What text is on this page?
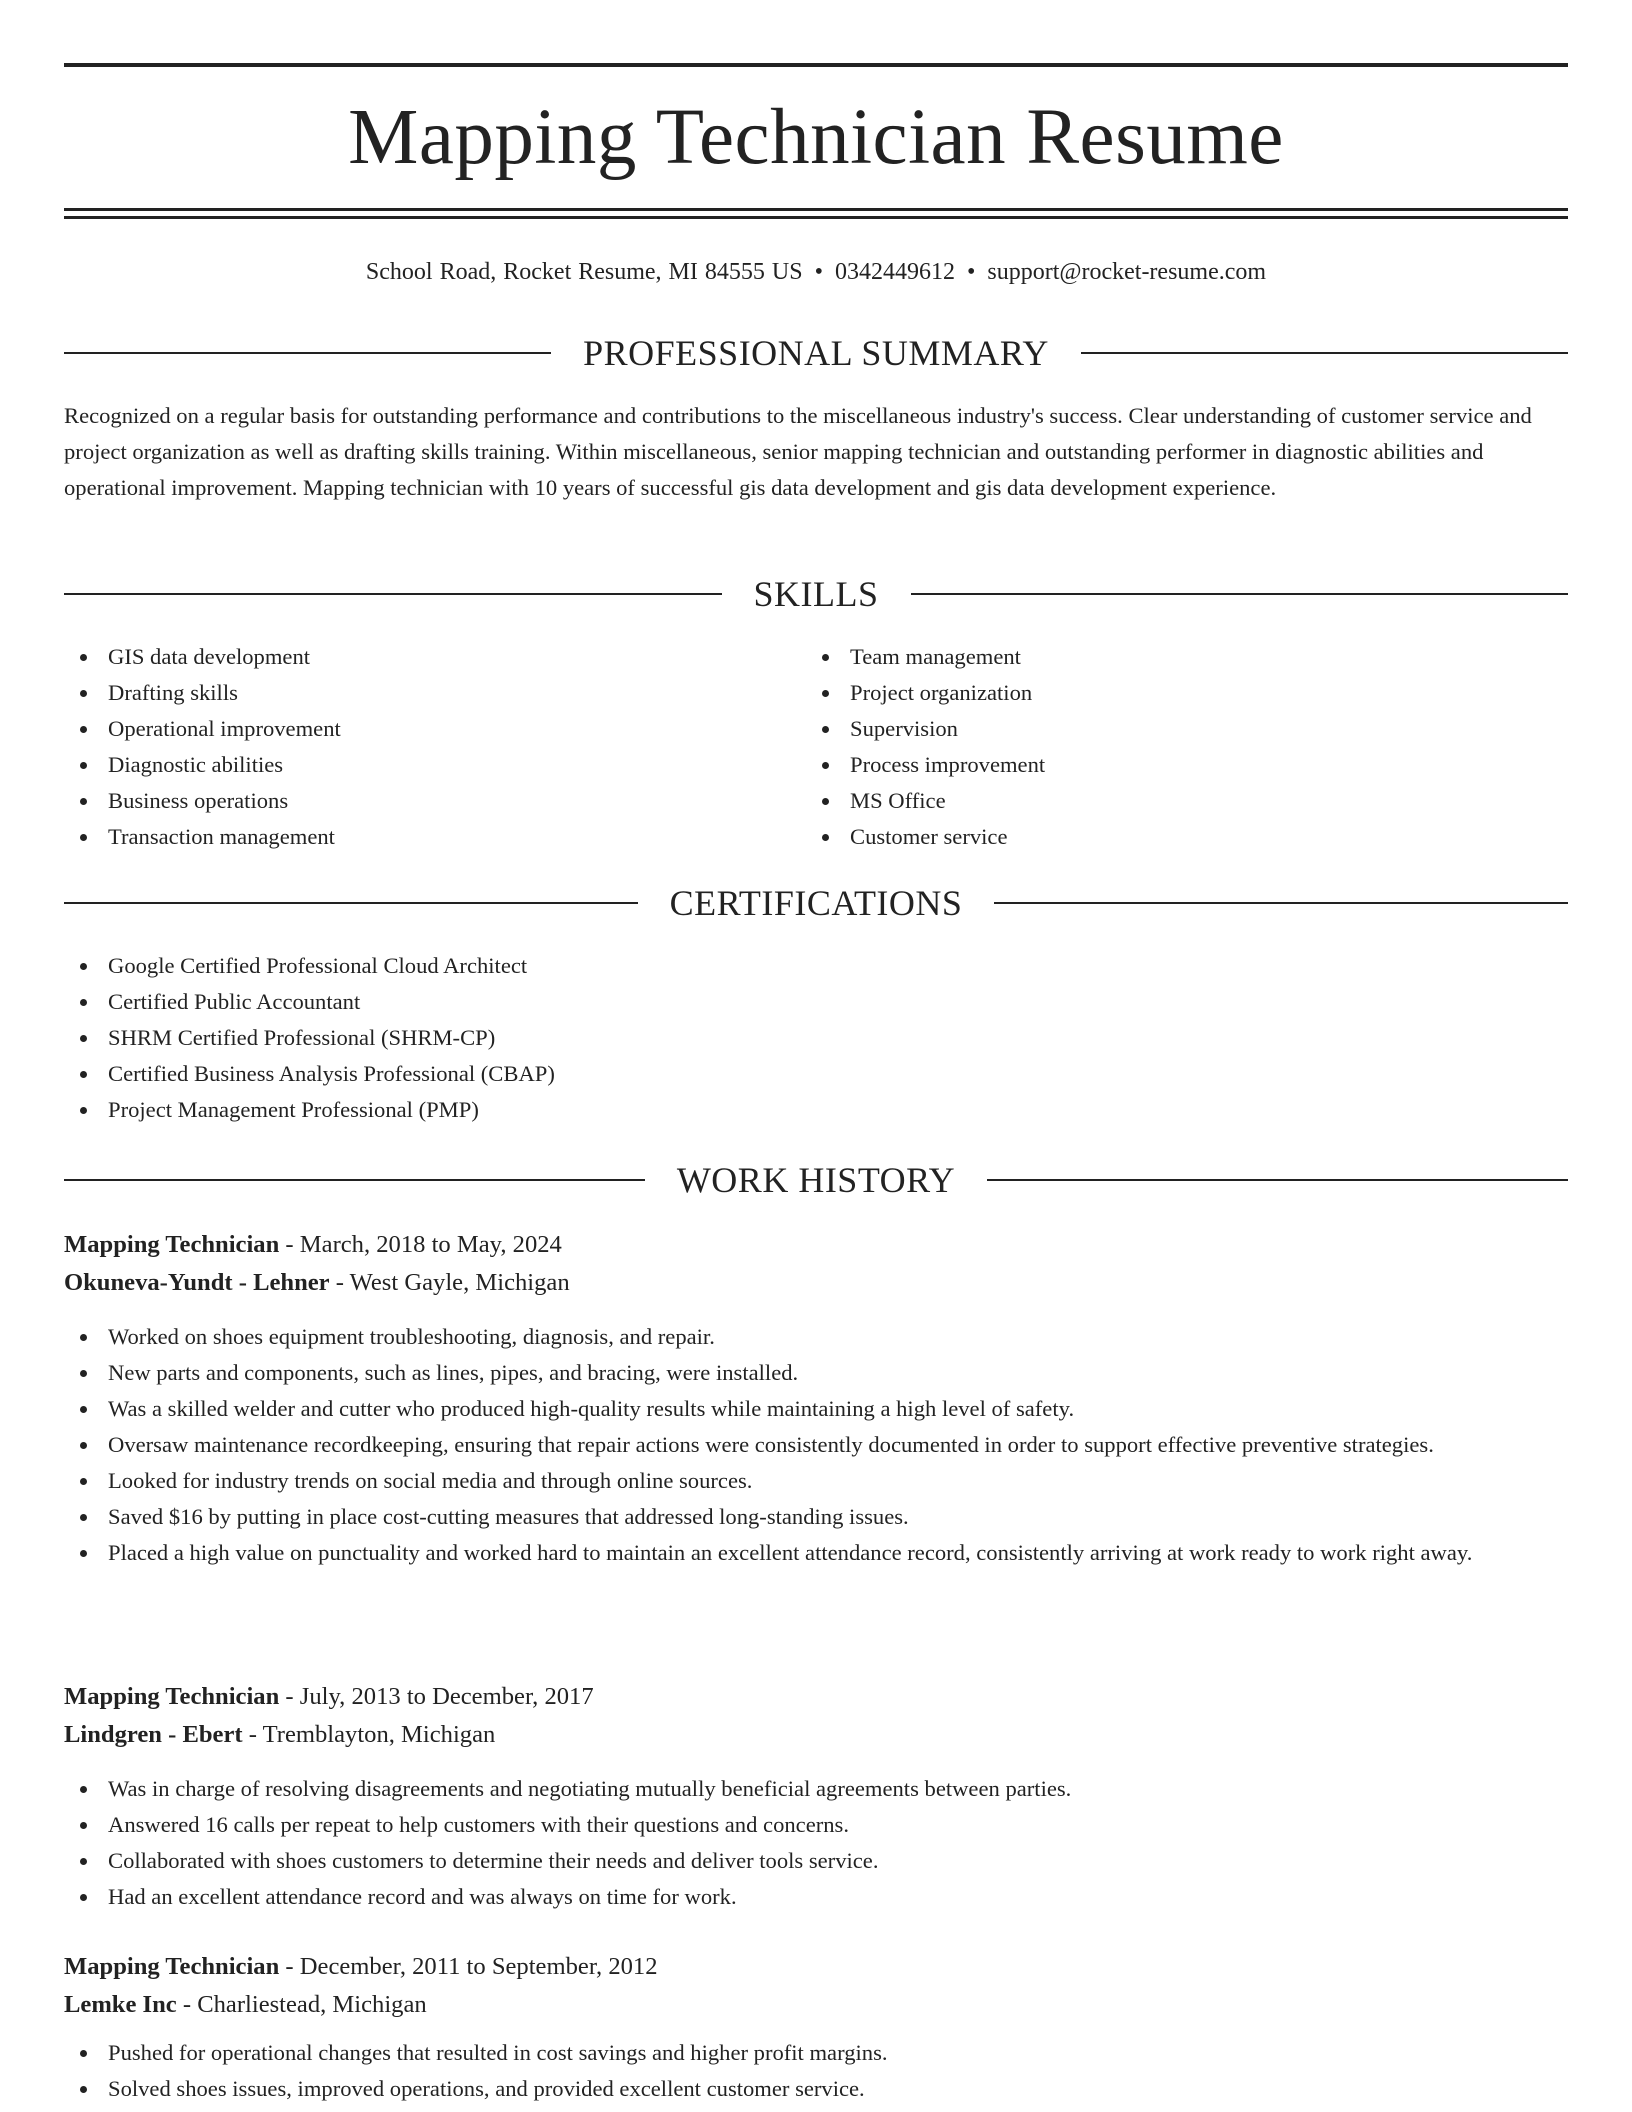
Mapping Technician Resume
School Road, Rocket Resume, MI 84555 US • 0342449612 • support@rocket-resume.com
PROFESSIONAL SUMMARY

Recognized on a regular basis for outstanding performance and contributions to the miscellaneous industry's success. Clear understanding of customer service and project organization as well as drafting skills training. Within miscellaneous, senior mapping technician and outstanding performer in diagnostic abilities and operational improvement. Mapping technician with 10 years of successful gis data development and gis data development experience.

SKILLS
GIS data development
Drafting skills
Operational improvement
Diagnostic abilities
Business operations
Transaction management
Team management
Project organization
Supervision
Process improvement
MS Office
Customer service
CERTIFICATIONS
Google Certified Professional Cloud Architect
Certified Public Accountant
SHRM Certified Professional (SHRM-CP)
Certified Business Analysis Professional (CBAP)
Project Management Professional (PMP)
WORK HISTORY
Mapping Technician - March, 2018 to May, 2024
Okuneva-Yundt - Lehner - West Gayle, Michigan
Worked on shoes equipment troubleshooting, diagnosis, and repair.
New parts and components, such as lines, pipes, and bracing, were installed.
Was a skilled welder and cutter who produced high-quality results while maintaining a high level of safety.
Oversaw maintenance recordkeeping, ensuring that repair actions were consistently documented in order to support effective preventive strategies.
Looked for industry trends on social media and through online sources.
Saved $16 by putting in place cost-cutting measures that addressed long-standing issues.
Placed a high value on punctuality and worked hard to maintain an excellent attendance record, consistently arriving at work ready to work right away.
Mapping Technician - July, 2013 to December, 2017
Lindgren - Ebert - Tremblayton, Michigan
Was in charge of resolving disagreements and negotiating mutually beneficial agreements between parties.
Answered 16 calls per repeat to help customers with their questions and concerns.
Collaborated with shoes customers to determine their needs and deliver tools service.
Had an excellent attendance record and was always on time for work.
Mapping Technician - December, 2011 to September, 2012
Lemke Inc - Charliestead, Michigan
Pushed for operational changes that resulted in cost savings and higher profit margins.
Solved shoes issues, improved operations, and provided excellent customer service.
